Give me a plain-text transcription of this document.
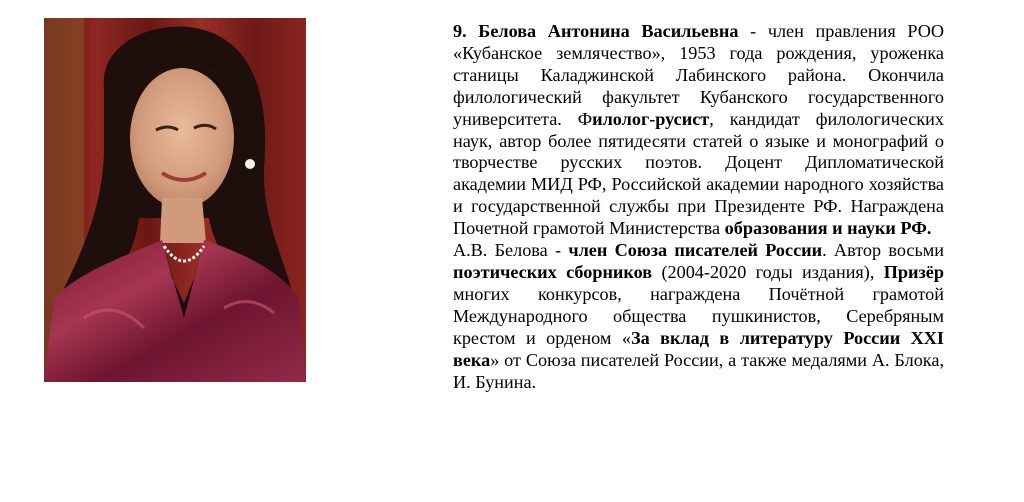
9. Белова Антонина Васильевна - член правления РОО «Кубанское землячество», 1953 года рождения, уроженка станицы Каладжинской Лабинского района. Окончила филологический факультет Кубанского государственного университета. Филолог-русист, кандидат филологических наук, автор более пятидесяти статей о языке и монографий о творчестве русских поэтов. Доцент Дипломатической академии МИД РФ, Российской академии народного хозяйства и государственной службы при Президенте РФ. Награждена Почетной грамотой Министерства образования и науки РФ.

А.В. Белова - член Союза писателей России. Автор восьми поэтических сборников (2004-2020 годы издания), Призёр многих конкурсов, награждена Почётной грамотой Международного общества пушкинистов, Серебряным крестом и орденом «За вклад в литературу России XXI века» от Союза писателей России, а также медалями А. Блока, И. Бунина.
